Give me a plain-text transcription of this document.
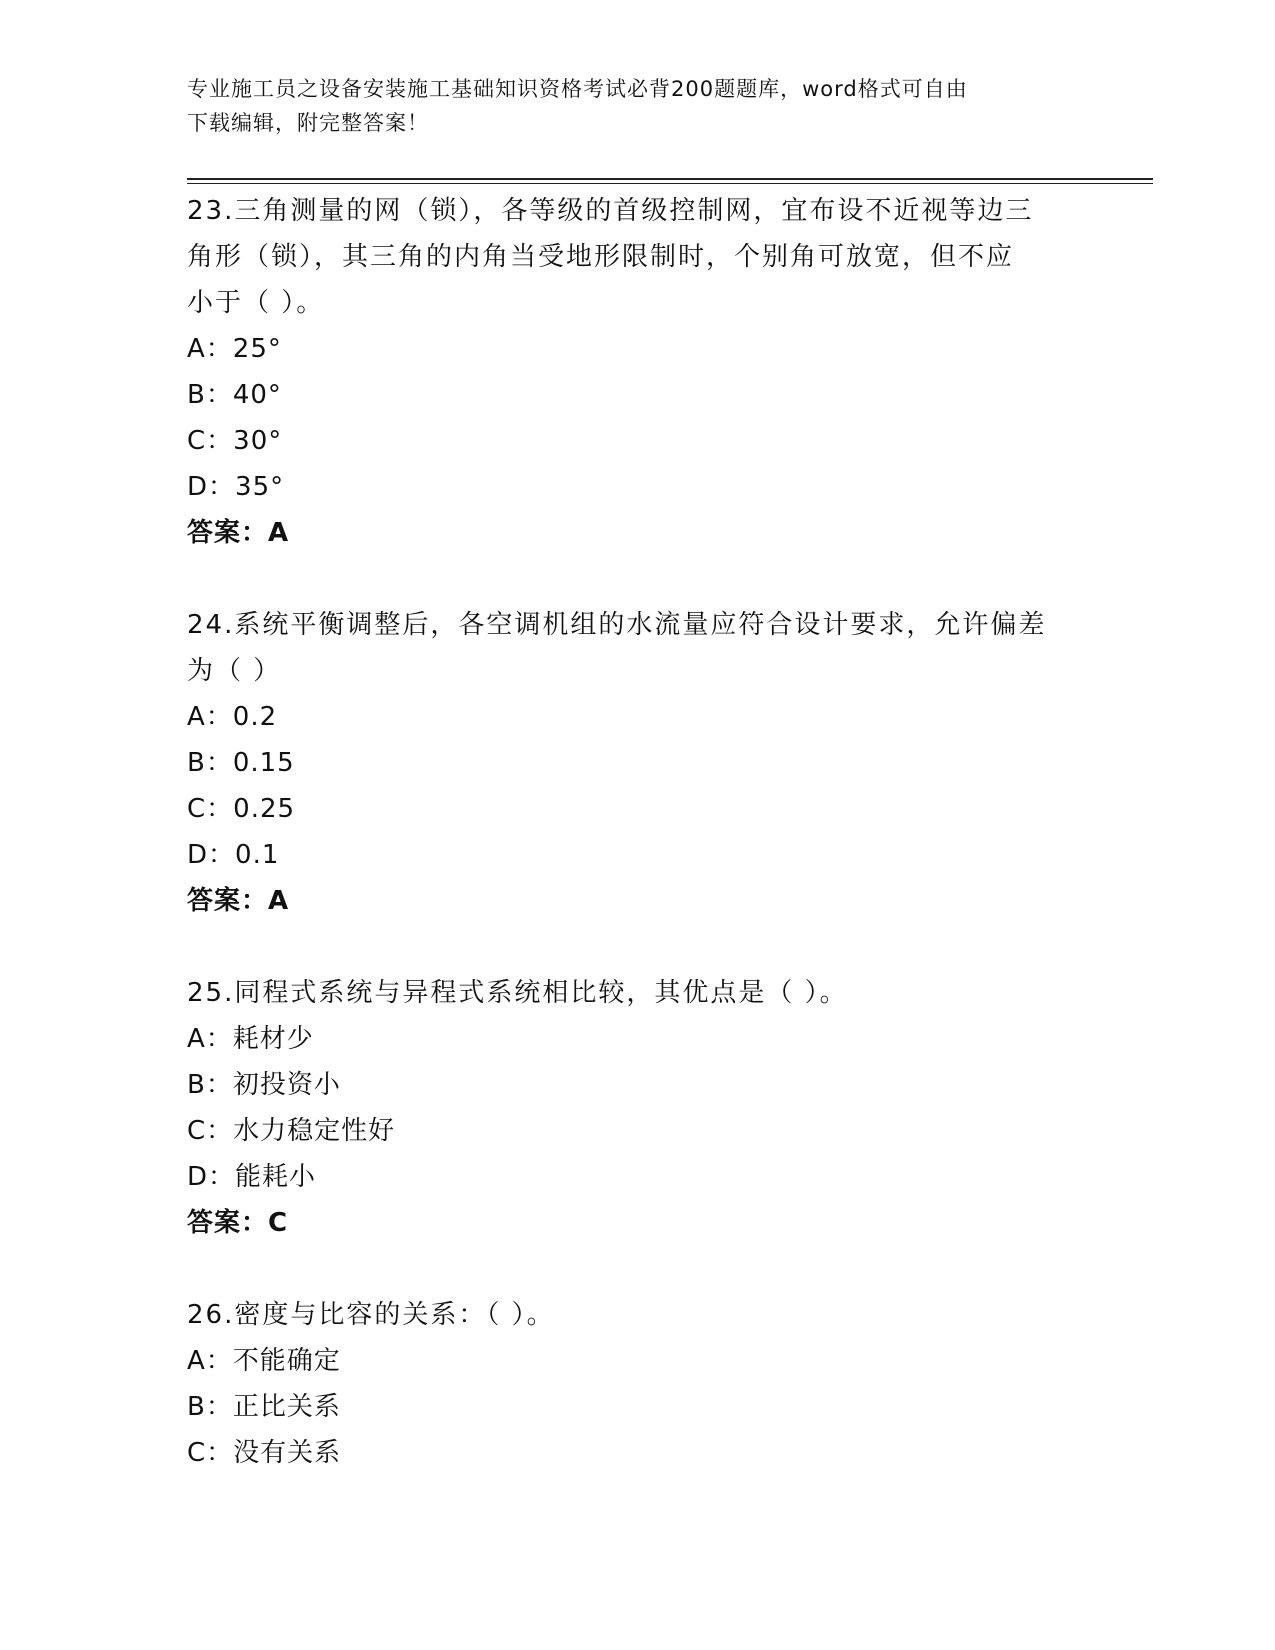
专业施工员之设备安装施工基础知识资格考试必背200题题库，word格式可自由
下载编辑，附完整答案！

23.三角测量的网（锁），各等级的首级控制网，宜布设不近视等边三

角形（锁），其三角的内角当受地形限制时，个别角可放宽，但不应

小于（ ）。

A：25°

B：40°

C：30°

D：35°

答案：A

24.系统平衡调整后，各空调机组的水流量应符合设计要求，允许偏差

为（ ）

A：0.2

B：0.15

C：0.25

D：0.1

答案：A

25.同程式系统与异程式系统相比较，其优点是（ ）。

A：耗材少

B：初投资小

C：水力稳定性好

D：能耗小

答案：C

26.密度与比容的关系：（ ）。

A：不能确定

B：正比关系

C：没有关系
